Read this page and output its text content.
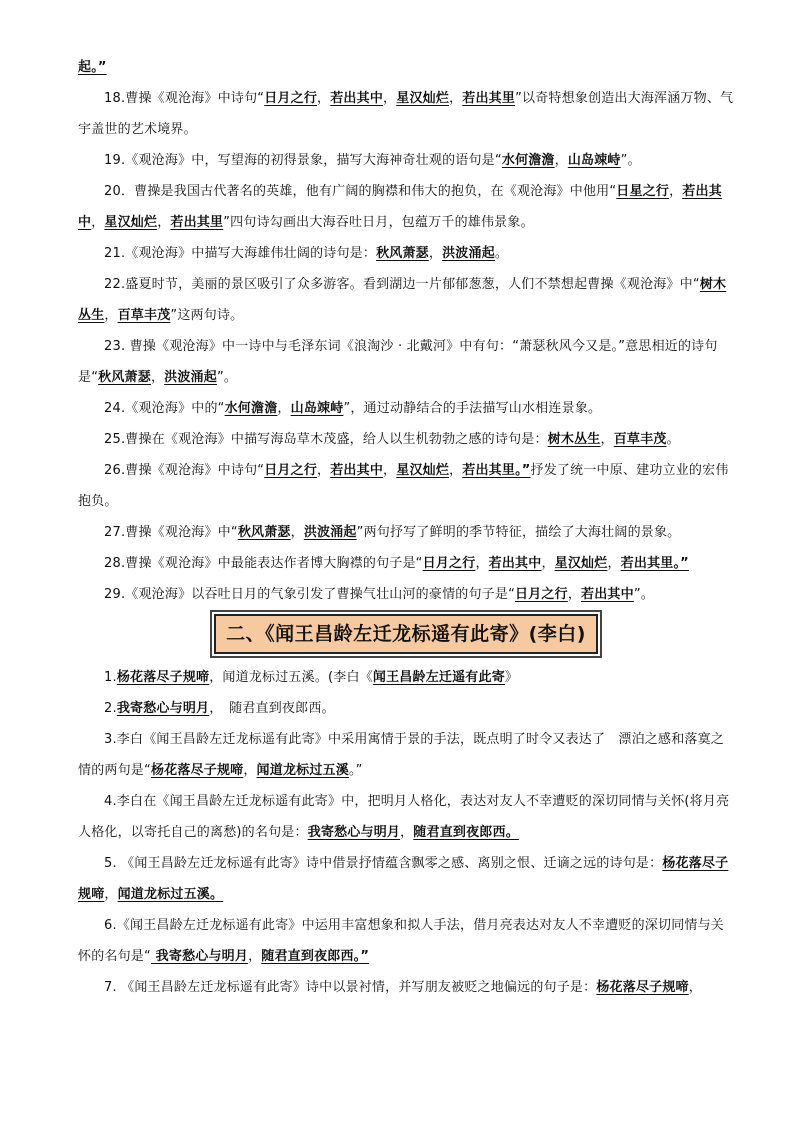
起。”

18.曹操《观沧海》中诗句“日月之行，若出其中，星汉灿烂，若出其里”以奇特想象创造出大海浑涵万物、气宇盖世的艺术境界。

19.《观沧海》中，写望海的初得景象，描写大海神奇壮观的语句是“水何澹澹，山岛竦峙”。

20．曹操是我国古代著名的英雄，他有广阔的胸襟和伟大的抱负，在《观沧海》中他用“日星之行，若出其中，星汉灿烂，若出其里”四句诗勾画出大海吞吐日月，包蕴万千的雄伟景象。

21.《观沧海》中描写大海雄伟壮阔的诗句是：秋风萧瑟，洪波涌起。

22.盛夏时节，美丽的景区吸引了众多游客。看到湖边一片郁郁葱葱，人们不禁想起曹操《观沧海》中“树木丛生，百草丰茂”这两句诗。

23. 曹操《观沧海》中一诗中与毛泽东词《浪淘沙 · 北戴河》中有句：“萧瑟秋风今又是。”意思相近的诗句是“秋风萧瑟，洪波涌起”。

24.《观沧海》中的“水何澹澹，山岛竦峙”，通过动静结合的手法描写山水相连景象。

25.曹操在《观沧海》中描写海岛草木茂盛，给人以生机勃勃之感的诗句是：树木丛生，百草丰茂。

26.曹操《观沧海》中诗句“日月之行，若出其中，星汉灿烂，若出其里。”抒发了统一中原、建功立业的宏伟抱负。

27.曹操《观沧海》中“秋风萧瑟，洪波涌起”两句抒写了鲜明的季节特征，描绘了大海壮阔的景象。

28.曹操《观沧海》中最能表达作者博大胸襟的句子是“日月之行，若出其中，星汉灿烂，若出其里。”

29.《观沧海》以吞吐日月的气象引发了曹操气壮山河的豪情的句子是“日月之行，若出其中”。

二、《闻王昌龄左迁龙标遥有此寄》(李白)

1.杨花落尽子规啼，闻道龙标过五溪。(李白《闻王昌龄左迁遥有此寄》

2.我寄愁心与明月，　随君直到夜郎西。

3.李白《闻王昌龄左迁龙标遥有此寄》中采用寓情于景的手法，既点明了时令又表达了　漂泊之感和落寞之情的两句是“杨花落尽子规啼，闻道龙标过五溪。”

4.李白在《闻王昌龄左迁龙标遥有此寄》中，把明月人格化，表达对友人不幸遭贬的深切同情与关怀(将月亮人格化，以寄托自己的离愁)的名句是：我寄愁心与明月，随君直到夜郎西。

5. 《闻王昌龄左迁龙标遥有此寄》诗中借景抒情蕴含飘零之感、离别之恨、迁谪之远的诗句是：杨花落尽子规啼，闻道龙标过五溪。

6.《闻王昌龄左迁龙标遥有此寄》中运用丰富想象和拟人手法，借月亮表达对友人不幸遭贬的深切同情与关怀的名句是“ 我寄愁心与明月，随君直到夜郎西。”

7. 《闻王昌龄左迁龙标遥有此寄》诗中以景衬情，并写朋友被贬之地偏远的句子是：杨花落尽子规啼，
